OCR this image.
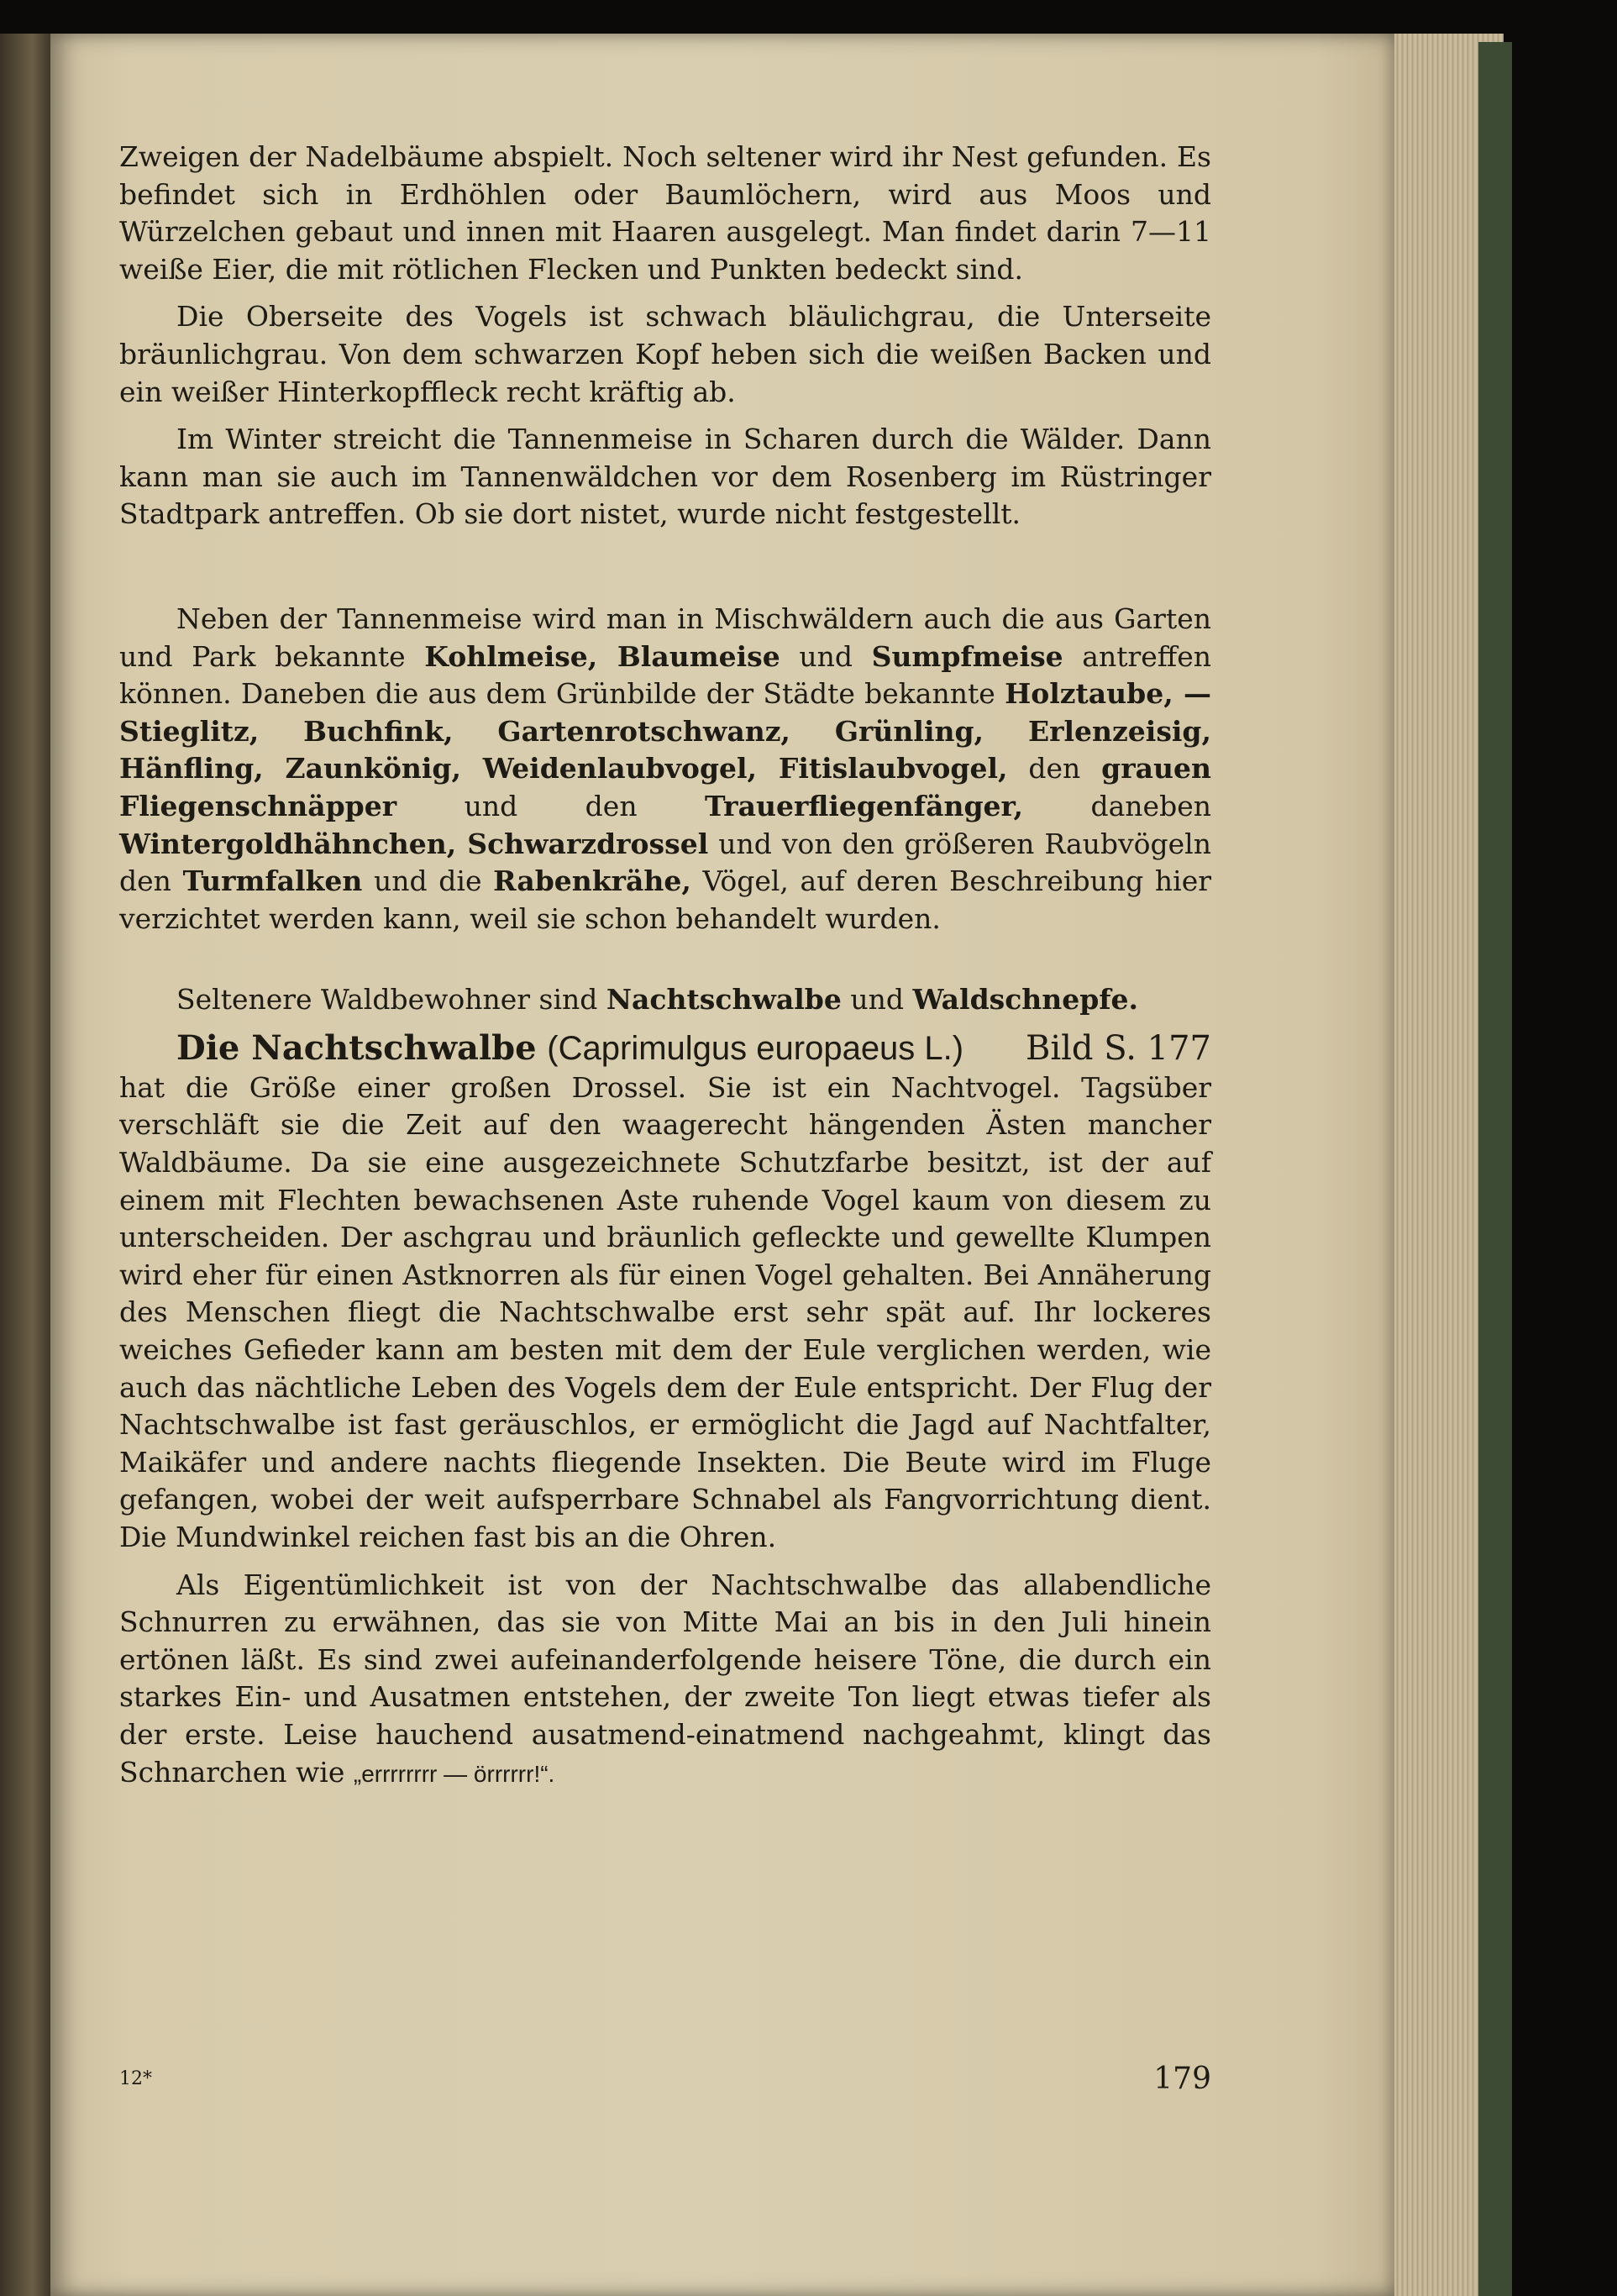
Zweigen der Nadelbäume abspielt. Noch seltener wird ihr Nest gefunden. Es befindet sich in Erdhöhlen oder Baumlöchern, wird aus Moos und Würzelchen gebaut und innen mit Haaren ausgelegt. Man findet darin 7—11 weiße Eier, die mit rötlichen Flecken und Punkten bedeckt sind.

Die Oberseite des Vogels ist schwach bläulichgrau, die Unterseite bräunlichgrau. Von dem schwarzen Kopf heben sich die weißen Backen und ein weißer Hinterkopffleck recht kräftig ab.

Im Winter streicht die Tannenmeise in Scharen durch die Wälder. Dann kann man sie auch im Tannenwäldchen vor dem Rosenberg im Rüstringer Stadtpark antreffen. Ob sie dort nistet, wurde nicht festgestellt.

Neben der Tannenmeise wird man in Mischwäldern auch die aus Garten und Park bekannte Kohlmeise, Blaumeise und Sumpfmeise antreffen können. Daneben die aus dem Grünbilde der Städte bekannte Holztaube, — Stieglitz, Buchfink, Gartenrotschwanz, Grünling, Erlenzeisig, Hänfling, Zaunkönig, Weidenlaubvogel, Fitislaubvogel, den grauen Fliegenschnäpper und den Trauerfliegenfänger, daneben Wintergoldhähnchen, Schwarzdrossel und von den größeren Raubvögeln den Turmfalken und die Rabenkrähe, Vögel, auf deren Beschreibung hier verzichtet werden kann, weil sie schon behandelt wurden.

Seltenere Waldbewohner sind Nachtschwalbe und Waldschnepfe.

Die Nachtschwalbe (Caprimulgus europaeus L.)	Bild S. 177

hat die Größe einer großen Drossel. Sie ist ein Nachtvogel. Tagsüber verschläft sie die Zeit auf den waagerecht hängenden Ästen mancher Waldbäume. Da sie eine ausgezeichnete Schutzfarbe besitzt, ist der auf einem mit Flechten bewachsenen Aste ruhende Vogel kaum von diesem zu unterscheiden. Der aschgrau und bräunlich gefleckte und gewellte Klumpen wird eher für einen Astknorren als für einen Vogel gehalten. Bei Annäherung des Menschen fliegt die Nachtschwalbe erst sehr spät auf. Ihr lockeres weiches Gefieder kann am besten mit dem der Eule verglichen werden, wie auch das nächtliche Leben des Vogels dem der Eule entspricht. Der Flug der Nachtschwalbe ist fast geräuschlos, er ermöglicht die Jagd auf Nachtfalter, Maikäfer und andere nachts fliegende Insekten. Die Beute wird im Fluge gefangen, wobei der weit aufsperrbare Schnabel als Fangvorrichtung dient. Die Mundwinkel reichen fast bis an die Ohren.

Als Eigentümlichkeit ist von der Nachtschwalbe das allabendliche Schnurren zu erwähnen, das sie von Mitte Mai an bis in den Juli hinein ertönen läßt. Es sind zwei aufeinanderfolgende heisere Töne, die durch ein starkes Ein- und Ausatmen entstehen, der zweite Ton liegt etwas tiefer als der erste. Leise hauchend ausatmend-einatmend nachgeahmt, klingt das Schnarchen wie „errrrrrrr — örrrrrr!“.

12*	179
